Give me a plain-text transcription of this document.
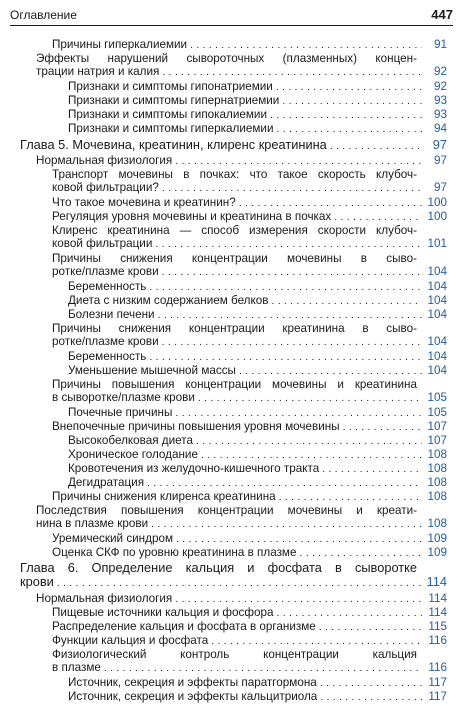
Оглавление	447
Причины гиперкалиемии . . .	91
Эффекты нарушений сывороточных (плазменных) концен-
трации натрия и калия . . .	92
Признаки и симптомы гипонатриемии . . .	92
Признаки и симптомы гипернатриемии . . .	93
Признаки и симптомы гипокалиемии . . .	93
Признаки и симптомы гиперкалиемии . . .	94
Глава 5. Мочевина, креатинин, клиренс креатинина . . .	97
Нормальная физиология . . .	97
Транспорт мочевины в почках: что такое скорость клубоч-
ковой фильтрации? . . .	97
Что такое мочевина и креатинин? . . .	100
Регуляция уровня мочевины и креатинина в почках . . .	100
Клиренс креатинина — способ измерения скорости клубоч-
ковой фильтрации . . .	101
Причины снижения концентрации мочевины в сыво-
ротке/плазме крови . . .	104
Беременность . . .	104
Диета с низким содержанием белков . . .	104
Болезни печени . . .	104
Причины снижения концентрации креатинина в сыво-
ротке/плазме крови . . .	104
Беременность . . .	104
Уменьшение мышечной массы . . .	104
Причины повышения концентрации мочевины и креатинина
в сыворотке/плазме крови . . .	105
Почечные причины . . .	105
Внепочечные причины повышения уровня мочевины . . .	107
Высокобелковая диета . . .	107
Хроническое голодание . . .	108
Кровотечения из желудочно-кишечного тракта . . .	108
Дегидратация . . .	108
Причины снижения клиренса креатинина . . .	108
Последствия повышения концентрации мочевины и креати-
нина в плазме крови . . .	108
Уремический синдром . . .	109
Оценка СКФ по уровню креатинина в плазме . . .	109
Глава 6. Определение кальция и фосфата в сыворотке
крови . . .	114
Нормальная физиология . . .	114
Пищевые источники кальция и фосфора . . .	114
Распределение кальция и фосфата в организме . . .	115
Функции кальция и фосфата . . .	116
Физиологический контроль концентрации кальция
в плазме . . .	116
Источник, секреция и эффекты паратгормона . . .	117
Источник, секреция и эффекты кальцитриола . . .	117
